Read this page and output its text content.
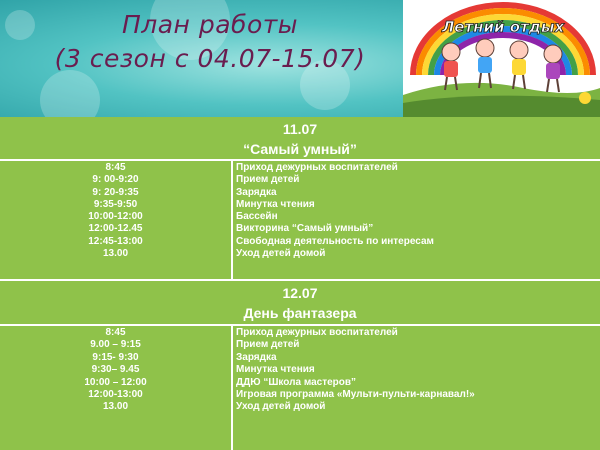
План работы
(3 сезон с 04.07-15.07)
Летний отдых
11.07
“Самый умный”
8:45
9: 00-9:20
9: 20-9:35
9:35-9:50
10:00-12:00
12:00-12.45
12:45-13:00
13.00
Приход дежурных воспитателей
Прием детей
Зарядка
Минутка чтения
Бассейн
Викторина “Самый умный”
Свободная деятельность по интересам
Уход детей домой
12.07
День фантазера
8:45
9.00 – 9:15
9:15- 9:30
9:30– 9.45
10:00 – 12:00
12:00-13:00
13.00
Приход дежурных воспитателей
Прием детей
Зарядка
Минутка чтения
ДДЮ “Школа мастеров”
Игровая программа «Мульти-пульти-карнавал!»
Уход детей домой
